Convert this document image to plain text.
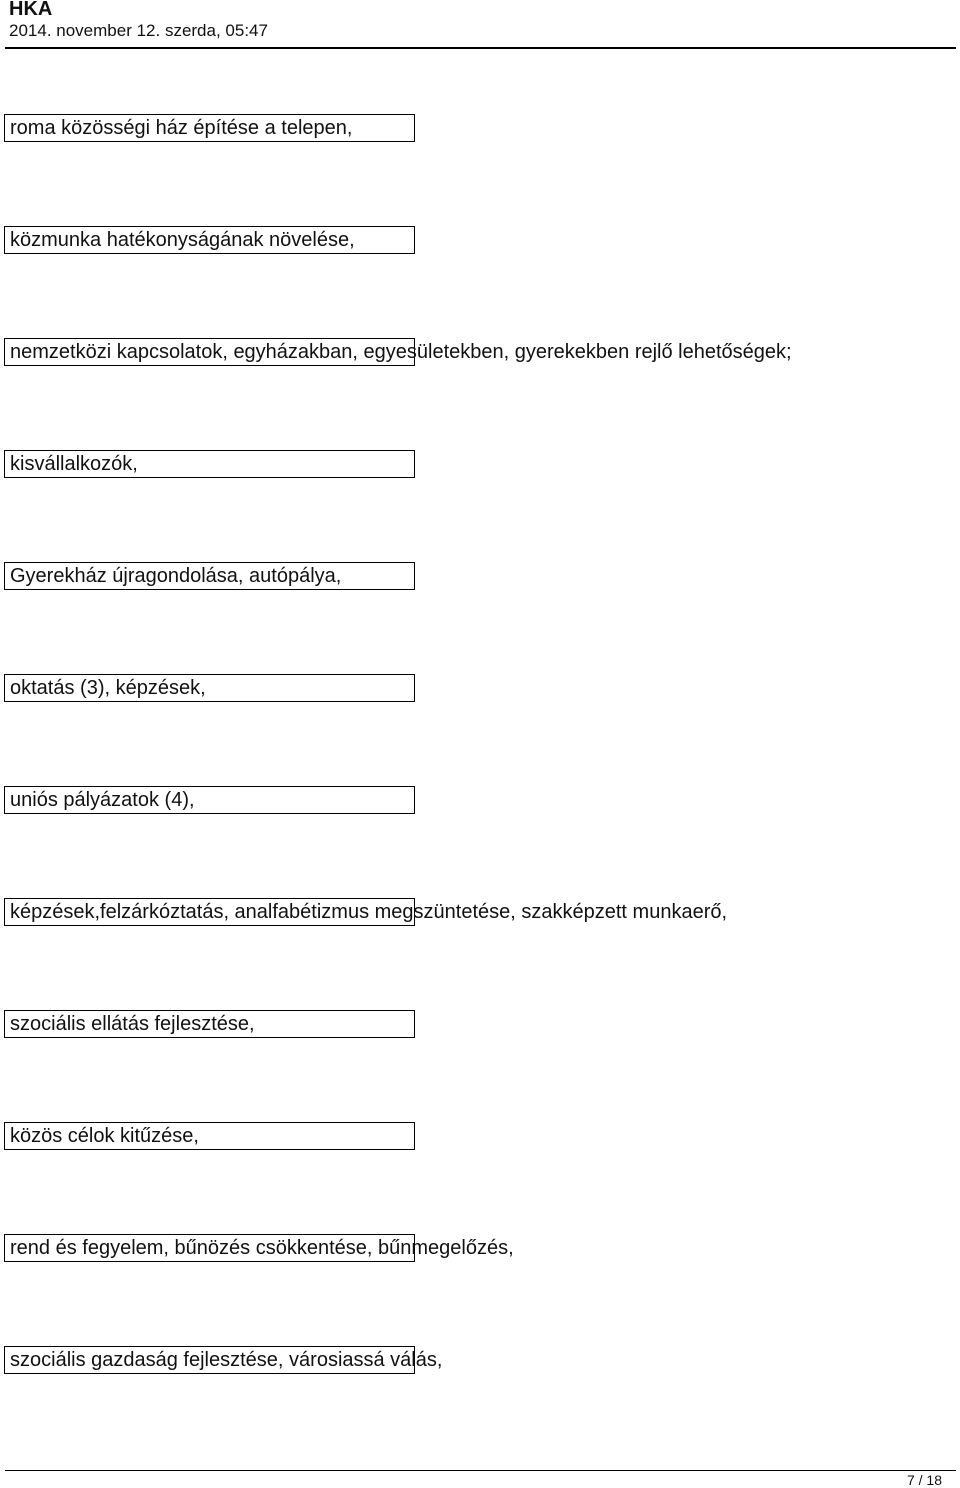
HKA
2014. november 12. szerda, 05:47
roma közösségi ház építése a telepen,
közmunka hatékonyságának növelése,
nemzetközi kapcsolatok, egyházakban, egyesületekben, gyerekekben rejlő lehetőségek;
kisvállalkozók,
Gyerekház újragondolása, autópálya,
oktatás (3), képzések,
uniós pályázatok (4),
képzések,felzárkóztatás, analfabétizmus megszüntetése, szakképzett munkaerő,
szociális ellátás fejlesztése,
közös célok kitűzése,
rend és fegyelem, bűnözés csökkentése, bűnmegelőzés,
szociális gazdaság fejlesztése, városiassá válás,
7 / 18
